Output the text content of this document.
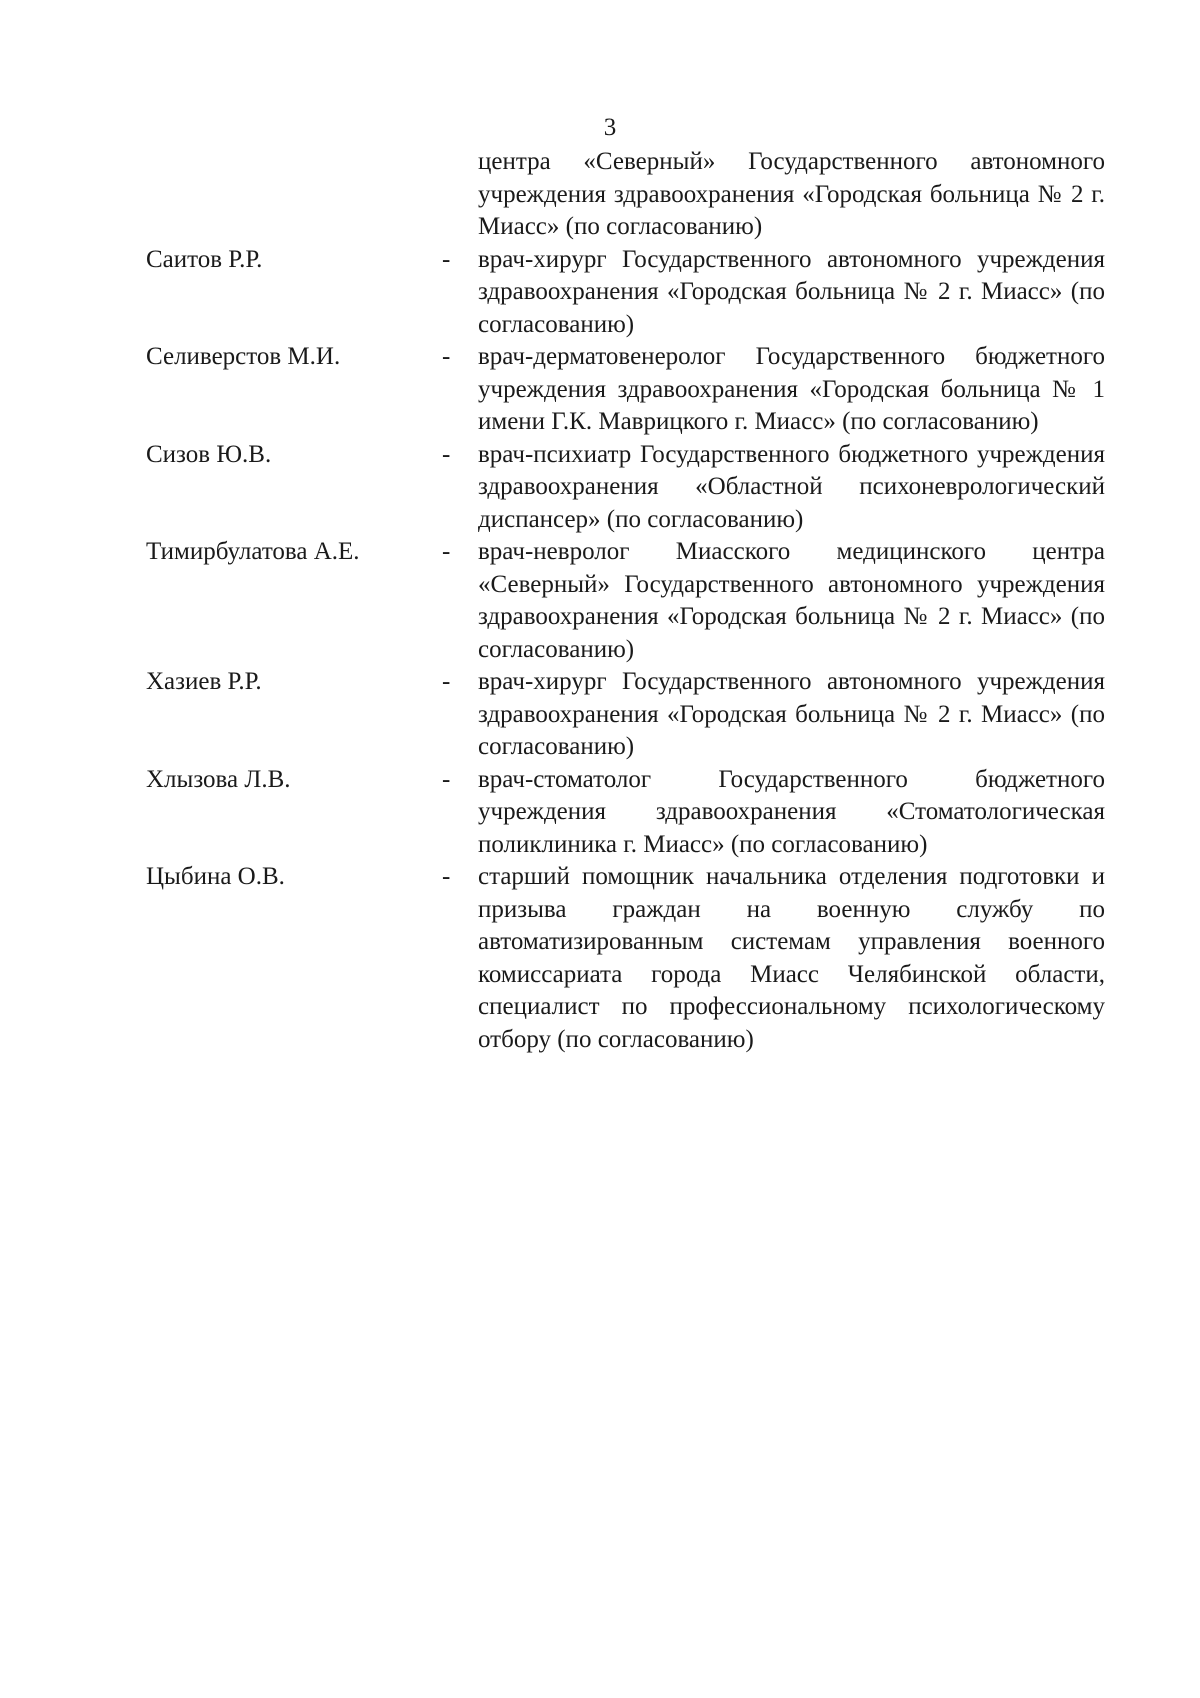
3
центра «Северный» Государственного автономного учреждения здравоохранения «Городская больница № 2 г. Миасс» (по согласованию)
Саитов Р.Р.	-	врач-хирург Государственного автономного учреждения здравоохранения «Городская больница № 2 г. Миасс» (по согласованию)
Селиверстов М.И.	-	врач-дерматовенеролог Государственного бюджетного учреждения здравоохранения «Городская больница № 1 имени Г.К. Маврицкого г. Миасс» (по согласованию)
Сизов Ю.В.	-	врач-психиатр Государственного бюджетного учреждения здравоохранения «Областной психоневрологический диспансер» (по согласованию)
Тимирбулатова А.Е.	-	врач-невролог Миасского медицинского центра «Северный» Государственного автономного учреждения здравоохранения «Городская больница № 2 г. Миасс» (по согласованию)
Хазиев Р.Р.	-	врач-хирург Государственного автономного учреждения здравоохранения «Городская больница № 2 г. Миасс» (по согласованию)
Хлызова Л.В.	-	врач-стоматолог Государственного бюджетного учреждения здравоохранения «Стоматологическая поликлиника г. Миасс» (по согласованию)
Цыбина О.В.	-	старший помощник начальника отделения подготовки и призыва граждан на военную службу по автоматизированным системам управления военного комиссариата города Миасс Челябинской области, специалист по профессиональному психологическому отбору (по согласованию)
